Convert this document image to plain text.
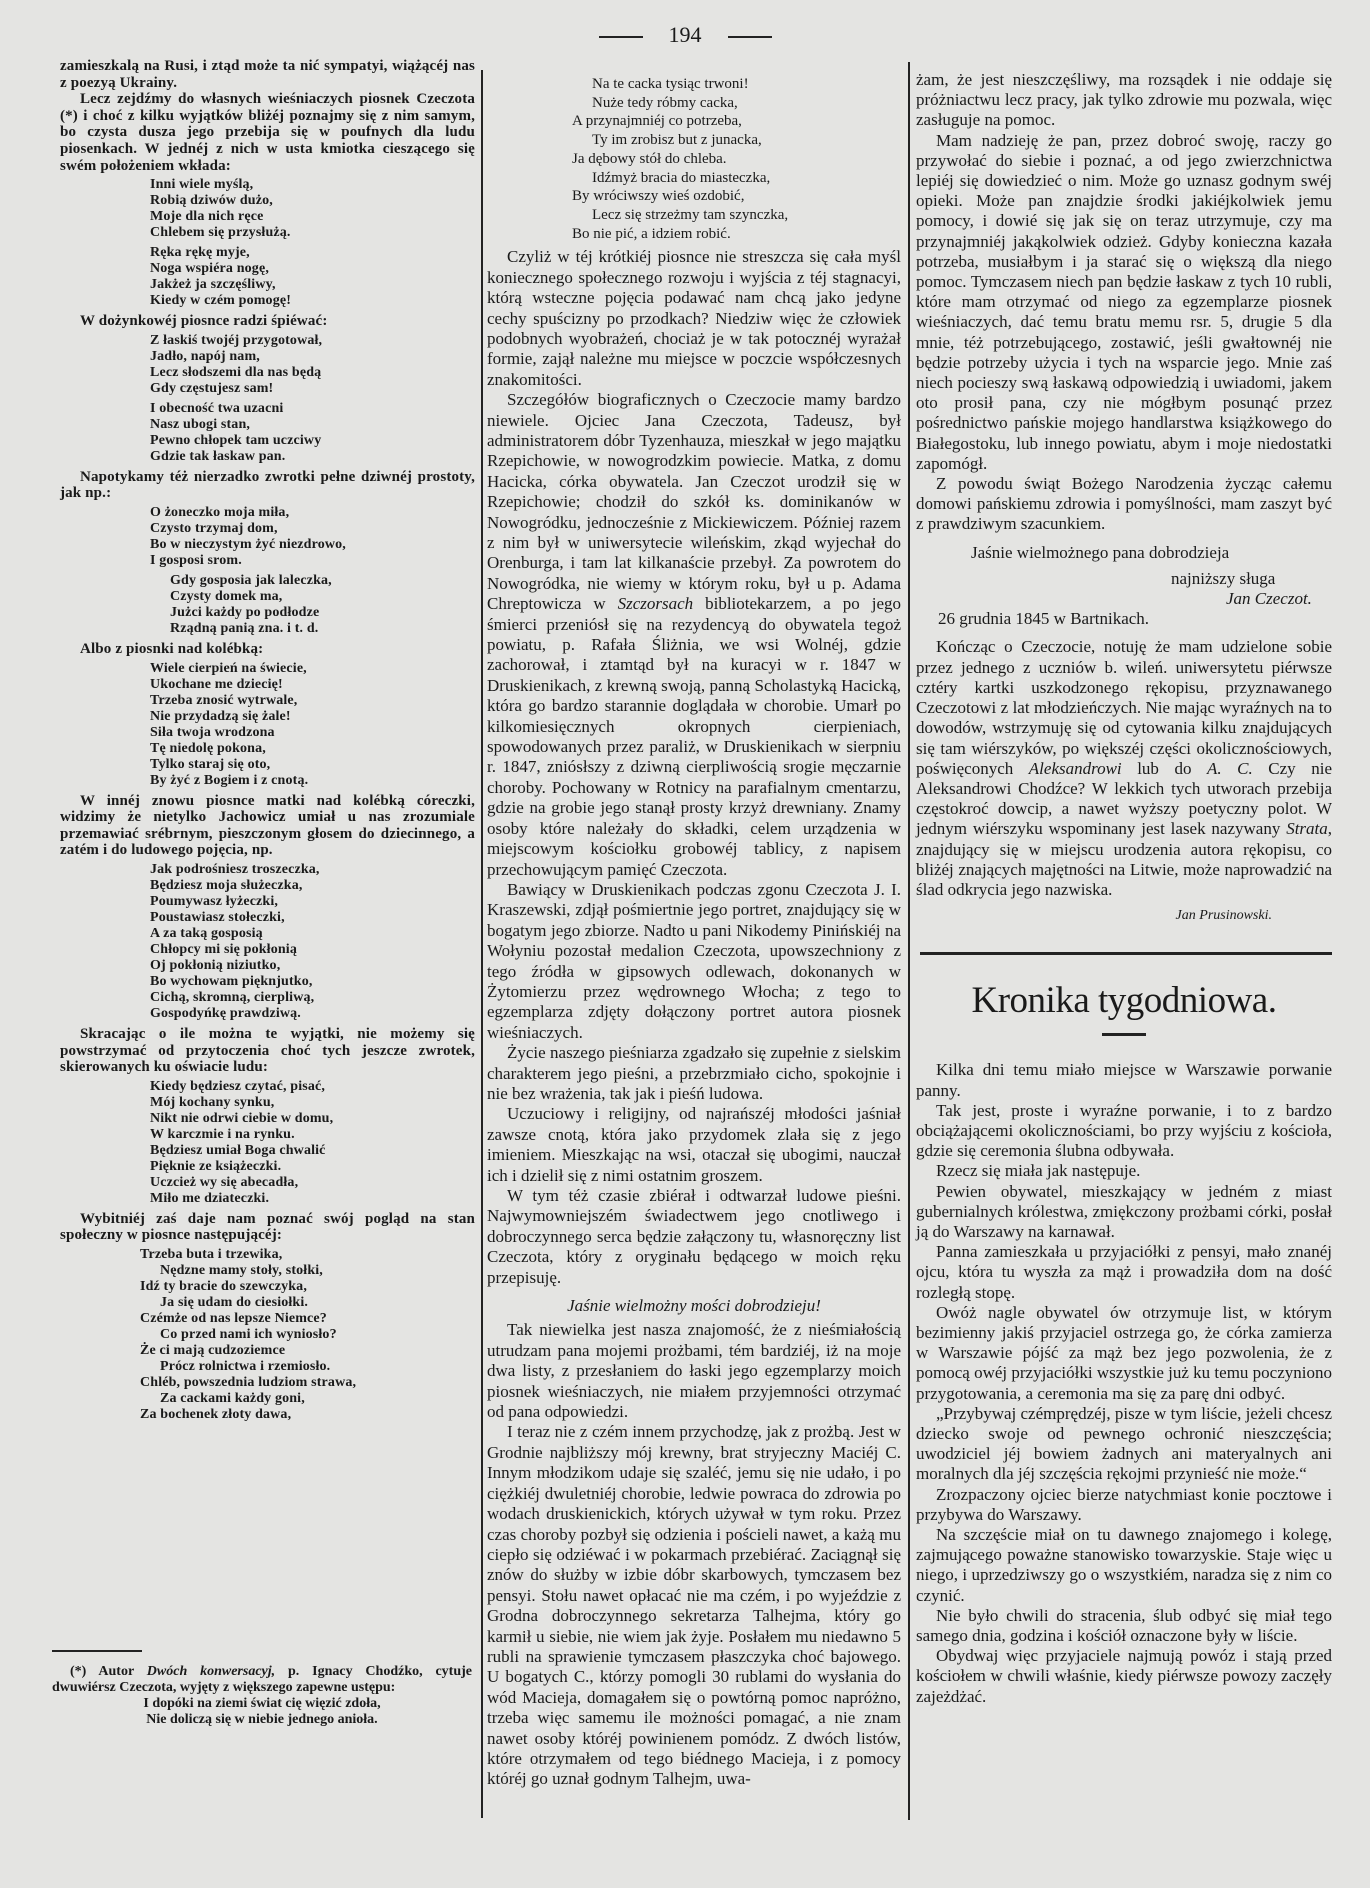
194

zamieszkalą na Rusi, i ztąd może ta nić sympatyi, wiążącéj nas z poezyą Ukrainy.

Lecz zejdźmy do własnych wieśniaczych piosnek Czeczota (*) i choć z kilku wyjątków bliżéj poznajmy się z nim samym, bo czysta dusza jego przebija się w poufnych dla ludu piosenkach. W jednéj z nich w usta kmiotka cieszącego się swém położeniem wkłada:

Inni wiele myślą,
Robią dziwów dużo,
Moje dla nich ręce
Chlebem się przysłużą.
Ręka rękę myje,
Noga wspiéra nogę,
Jakżeż ja szczęśliwy,
Kiedy w czém pomogę!

W dożynkowéj piosnce radzi śpiéwać:

Z łaskiś twojéj przygotował,
Jadło, napój nam,
Lecz słodszemi dla nas będą
Gdy częstujesz sam!
I obecność twa uzacni
Nasz ubogi stan,
Pewno chłopek tam uczciwy
Gdzie tak łaskaw pan.

Napotykamy téż nierzadko zwrotki pełne dziwnéj prostoty, jak np.:

O żoneczko moja miła,
Czysto trzymaj dom,
Bo w nieczystym żyć niezdrowo,
I gosposi srom.
Gdy gosposia jak laleczka,
Czysty domek ma,
Jużci każdy po podłodze
Rządną panią zna. i t. d.

Albo z piosnki nad kolébką:

Wiele cierpień na świecie,
Ukochane me dziecię!
Trzeba znosić wytrwale,
Nie przydadzą się żale!
Siła twoja wrodzona
Tę niedolę pokona,
Tylko staraj się oto,
By żyć z Bogiem i z cnotą.

W innéj znowu piosnce matki nad kolébką córeczki, widzimy że nietylko Jachowicz umiał u nas zrozumiale przemawiać srébrnym, pieszczonym głosem do dziecinnego, a zatém i do ludowego pojęcia, np.

Jak podrośniesz troszeczka,
Będziesz moja służeczka,
Poumywasz łyżeczki,
Poustawiasz stołeczki,
A za taką gosposią
Chłopcy mi się pokłonią
Oj pokłonią niziutko,
Bo wychowam pięknjutko,
Cichą, skromną, cierpliwą,
Gospodyńkę prawdziwą.

Skracając o ile można te wyjątki, nie możemy się powstrzymać od przytoczenia choć tych jeszcze zwrotek, skierowanych ku oświacie ludu:

Kiedy będziesz czytać, pisać,
Mój kochany synku,
Nikt nie odrwi ciebie w domu,
W karczmie i na rynku.
Będziesz umiał Boga chwalić
Pięknie ze książeczki.
Uczcież wy się abecadła,
Miło me dziateczki.

Wybitniéj zaś daje nam poznać swój pogląd na stan społeczny w piosnce następującéj:

Trzeba buta i trzewika,
Nędzne mamy stoły, stołki,
Idź ty bracie do szewczyka,
Ja się udam do ciesiołki.
Czémże od nas lepsze Niemce?
Co przed nami ich wyniosło?
Że ci mają cudzoziemce
Prócz rolnictwa i rzemiosło.
Chléb, powszednia ludziom strawa,
Za cackami każdy goni,
Za bochenek złoty dawa,
Na te cacka tysiąc trwoni!
Nuże tedy róbmy cacka,
A przynajmniéj co potrzeba,
Ty im zrobisz but z junacka,
Ja dębowy stół do chleba.
Idźmyż bracia do miasteczka,
By wróciwszy wieś ozdobić,
Lecz się strzeżmy tam szynczka,
Bo nie pić, a idziem robić.

Czyliż w téj krótkiéj piosnce nie streszcza się cała myśl koniecznego społecznego rozwoju i wyjścia z téj stagnacyi, którą wsteczne pojęcia podawać nam chcą jako jedyne cechy spuścizny po przodkach? Niedziw więc że człowiek podobnych wyobrażeń, chociaż je w tak potocznéj wyrażał formie, zajął należne mu miejsce w poczcie współczesnych znakomitości.

Szczegółów biograficznych o Czeczocie mamy bardzo niewiele. Ojciec Jana Czeczota, Tadeusz, był administratorem dóbr Tyzenhauza, mieszkał w jego majątku Rzepichowie, w nowogrodzkim powiecie. Matka, z domu Hacicka, córka obywatela. Jan Czeczot urodził się w Rzepichowie; chodził do szkół ks. dominikanów w Nowogródku, jednocześnie z Mickiewiczem. Później razem z nim był w uniwersytecie wileńskim, zkąd wyjechał do Orenburga, i tam lat kilkanaście przebył. Za powrotem do Nowogródka, nie wiemy w którym roku, był u p. Adama Chreptowicza w Szczorsach bibliotekarzem, a po jego śmierci przeniósł się na rezydencyą do obywatela tegoż powiatu, p. Rafała Śliżnia, we wsi Wolnéj, gdzie zachorował, i ztamtąd był na kuracyi w r. 1847 w Druskienikach, z krewną swoją, panną Scholastyką Hacicką, która go bardzo starannie doglądała w chorobie. Umarł po kilkomiesięcznych okropnych cierpieniach, spowodowanych przez paraliż, w Druskienikach w sierpniu r. 1847, zniósłszy z dziwną cierpliwością srogie męczarnie choroby. Pochowany w Rotnicy na parafialnym cmentarzu, gdzie na grobie jego stanął prosty krzyż drewniany. Znamy osoby które należały do składki, celem urządzenia w miejscowym kościołku grobowéj tablicy, z napisem przechowującym pamięć Czeczota.

Bawiący w Druskienikach podczas zgonu Czeczota J. I. Kraszewski, zdjął pośmiertnie jego portret, znajdujący się w bogatym jego zbiorze. Nadto u pani Nikodemy Pinińskiéj na Wołyniu pozostał medalion Czeczota, upowszechniony z tego źródła w gipsowych odlewach, dokonanych w Żytomierzu przez wędrownego Włocha; z tego to egzemplarza zdjęty dołączony portret autora piosnek wieśniaczych.

Życie naszego pieśniarza zgadzało się zupełnie z sielskim charakterem jego pieśni, a przebrzmiało cicho, spokojnie i nie bez wrażenia, tak jak i pieśń ludowa.

Uczuciowy i religijny, od najrańszéj młodości jaśniał zawsze cnotą, która jako przydomek zlała się z jego imieniem. Mieszkając na wsi, otaczał się ubogimi, nauczał ich i dzielił się z nimi ostatnim groszem.

W tym téż czasie zbiérał i odtwarzał ludowe pieśni. Najwymowniejszém świadectwem jego cnotliwego i dobroczynnego serca będzie załączony tu, własnoręczny list Czeczota, który z oryginału będącego w moich ręku przepisuję.

Jaśnie wielmożny mości dobrodzieju!

Tak niewielka jest nasza znajomość, że z nieśmiałością utrudzam pana mojemi prożbami, tém bardziéj, iż na moje dwa listy, z przesłaniem do łaski jego egzemplarzy moich piosnek wieśniaczych, nie miałem przyjemności otrzymać od pana odpowiedzi.

I teraz nie z czém innem przychodzę, jak z prożbą. Jest w Grodnie najbliższy mój krewny, brat stryjeczny Maciéj C. Innym młodzikom udaje się szaléć, jemu się nie udało, i po ciężkiéj dwuletniéj chorobie, ledwie powraca do zdrowia po wodach druskienickich, których używał w tym roku. Przez czas choroby pozbył się odzienia i pościeli nawet, a każą mu ciepło się odziéwać i w pokarmach przebiérać. Zaciągnął się znów do służby w izbie dóbr skarbowych, tymczasem bez pensyi. Stołu nawet opłacać nie ma czém, i po wyjeździe z Grodna dobroczynnego sekretarza Talhejma, który go karmił u siebie, nie wiem jak żyje. Posłałem mu niedawno 5 rubli na sprawienie tymczasem płaszczyka choć bajowego. U bogatych C., którzy pomogli 30 rublami do wysłania do wód Macieja, domagałem się o powtórną pomoc napróżno, trzeba więc samemu ile możności pomagać, a nie znam nawet osoby któréj powinienem pomódz. Z dwóch listów, które otrzymałem od tego biédnego Macieja, i z pomocy któréj go uznał godnym Talhejm, uwa-

żam, że jest nieszczęśliwy, ma rozsądek i nie oddaje się próżniactwu lecz pracy, jak tylko zdrowie mu pozwala, więc zasługuje na pomoc.

Mam nadzieję że pan, przez dobroć swoję, raczy go przywołać do siebie i poznać, a od jego zwierzchnictwa lepiéj się dowiedzieć o nim. Może go uznasz godnym swéj opieki. Może pan znajdzie środki jakiéjkolwiek jemu pomocy, i dowié się jak się on teraz utrzymuje, czy ma przynajmniéj jakąkolwiek odzież. Gdyby konieczna kazała potrzeba, musiałbym i ja starać się o większą dla niego pomoc. Tymczasem niech pan będzie łaskaw z tych 10 rubli, które mam otrzymać od niego za egzemplarze piosnek wieśniaczych, dać temu bratu memu rsr. 5, drugie 5 dla mnie, téż potrzebującego, zostawić, jeśli gwałtownéj nie będzie potrzeby użycia i tych na wsparcie jego. Mnie zaś niech pocieszy swą łaskawą odpowiedzią i uwiadomi, jakem oto prosił pana, czy nie mógłbym posunąć przez pośrednictwo pańskie mojego handlarstwa książkowego do Białegostoku, lub innego powiatu, abym i moje niedostatki zapomógł.

Z powodu świąt Bożego Narodzenia życząc całemu domowi pańskiemu zdrowia i pomyślności, mam zaszyt być z prawdziwym szacunkiem.

Jaśnie wielmożnego pana dobrodzieja
najniższy sługa
Jan Czeczot.
26 grudnia 1845 w Bartnikach.

Kończąc o Czeczocie, notuję że mam udzielone sobie przez jednego z uczniów b. wileń. uniwersytetu piérwsze cztéry kartki uszkodzonego rękopisu, przyznawanego Czeczotowi z lat młodzieńczych. Nie mając wyraźnych na to dowodów, wstrzymuję się od cytowania kilku znajdujących się tam wiérszyków, po większéj części okolicznościowych, poświęconych Aleksandrowi lub do A. C. Czy nie Aleksandrowi Chodźce? W lekkich tych utworach przebija częstokroć dowcip, a nawet wyższy poetyczny polot. W jednym wiérszyku wspominany jest lasek nazywany Strata, znajdujący się w miejscu urodzenia autora rękopisu, co bliżéj znających majętności na Litwie, może naprowadzić na ślad odkrycia jego nazwiska.

Jan Prusinowski.
Kronika tygodniowa.

Kilka dni temu miało miejsce w Warszawie porwanie panny.

Tak jest, proste i wyraźne porwanie, i to z bardzo obciążającemi okolicznościami, bo przy wyjściu z kościoła, gdzie się ceremonia ślubna odbywała.

Rzecz się miała jak następuje.

Pewien obywatel, mieszkający w jedném z miast gubernialnych królestwa, zmiękczony prożbami córki, posłał ją do Warszawy na karnawał.

Panna zamieszkała u przyjaciółki z pensyi, mało znanéj ojcu, która tu wyszła za mąż i prowadziła dom na dość rozległą stopę.

Owóż nagle obywatel ów otrzymuje list, w którym bezimienny jakiś przyjaciel ostrzega go, że córka zamierza w Warszawie pójść za mąż bez jego pozwolenia, że z pomocą owéj przyjaciółki wszystkie już ku temu poczyniono przygotowania, a ceremonia ma się za parę dni odbyć.

„Przybywaj czémprędzéj, pisze w tym liście, jeżeli chcesz dziecko swoje od pewnego ochronić nieszczęścia; uwodziciel jéj bowiem żadnych ani materyalnych ani moralnych dla jéj szczęścia rękojmi przynieść nie może.“

Zrozpaczony ojciec bierze natychmiast konie pocztowe i przybywa do Warszawy.

Na szczęście miał on tu dawnego znajomego i kolegę, zajmującego poważne stanowisko towarzyskie. Staje więc u niego, i uprzedziwszy go o wszystkiém, naradza się z nim co czynić.

Nie było chwili do stracenia, ślub odbyć się miał tego samego dnia, godzina i kościół oznaczone były w liście.

Obydwaj więc przyjaciele najmują powóz i stają przed kościołem w chwili właśnie, kiedy piérwsze powozy zaczęły zajeżdżać.

(*) Autor Dwóch konwersacyj, p. Ignacy Chodźko, cytuje dwuwiérsz Czeczota, wyjęty z większego zapewne ustępu:

I dopóki na ziemi świat cię więzić zdoła,
Nie doliczą się w niebie jednego anioła.
